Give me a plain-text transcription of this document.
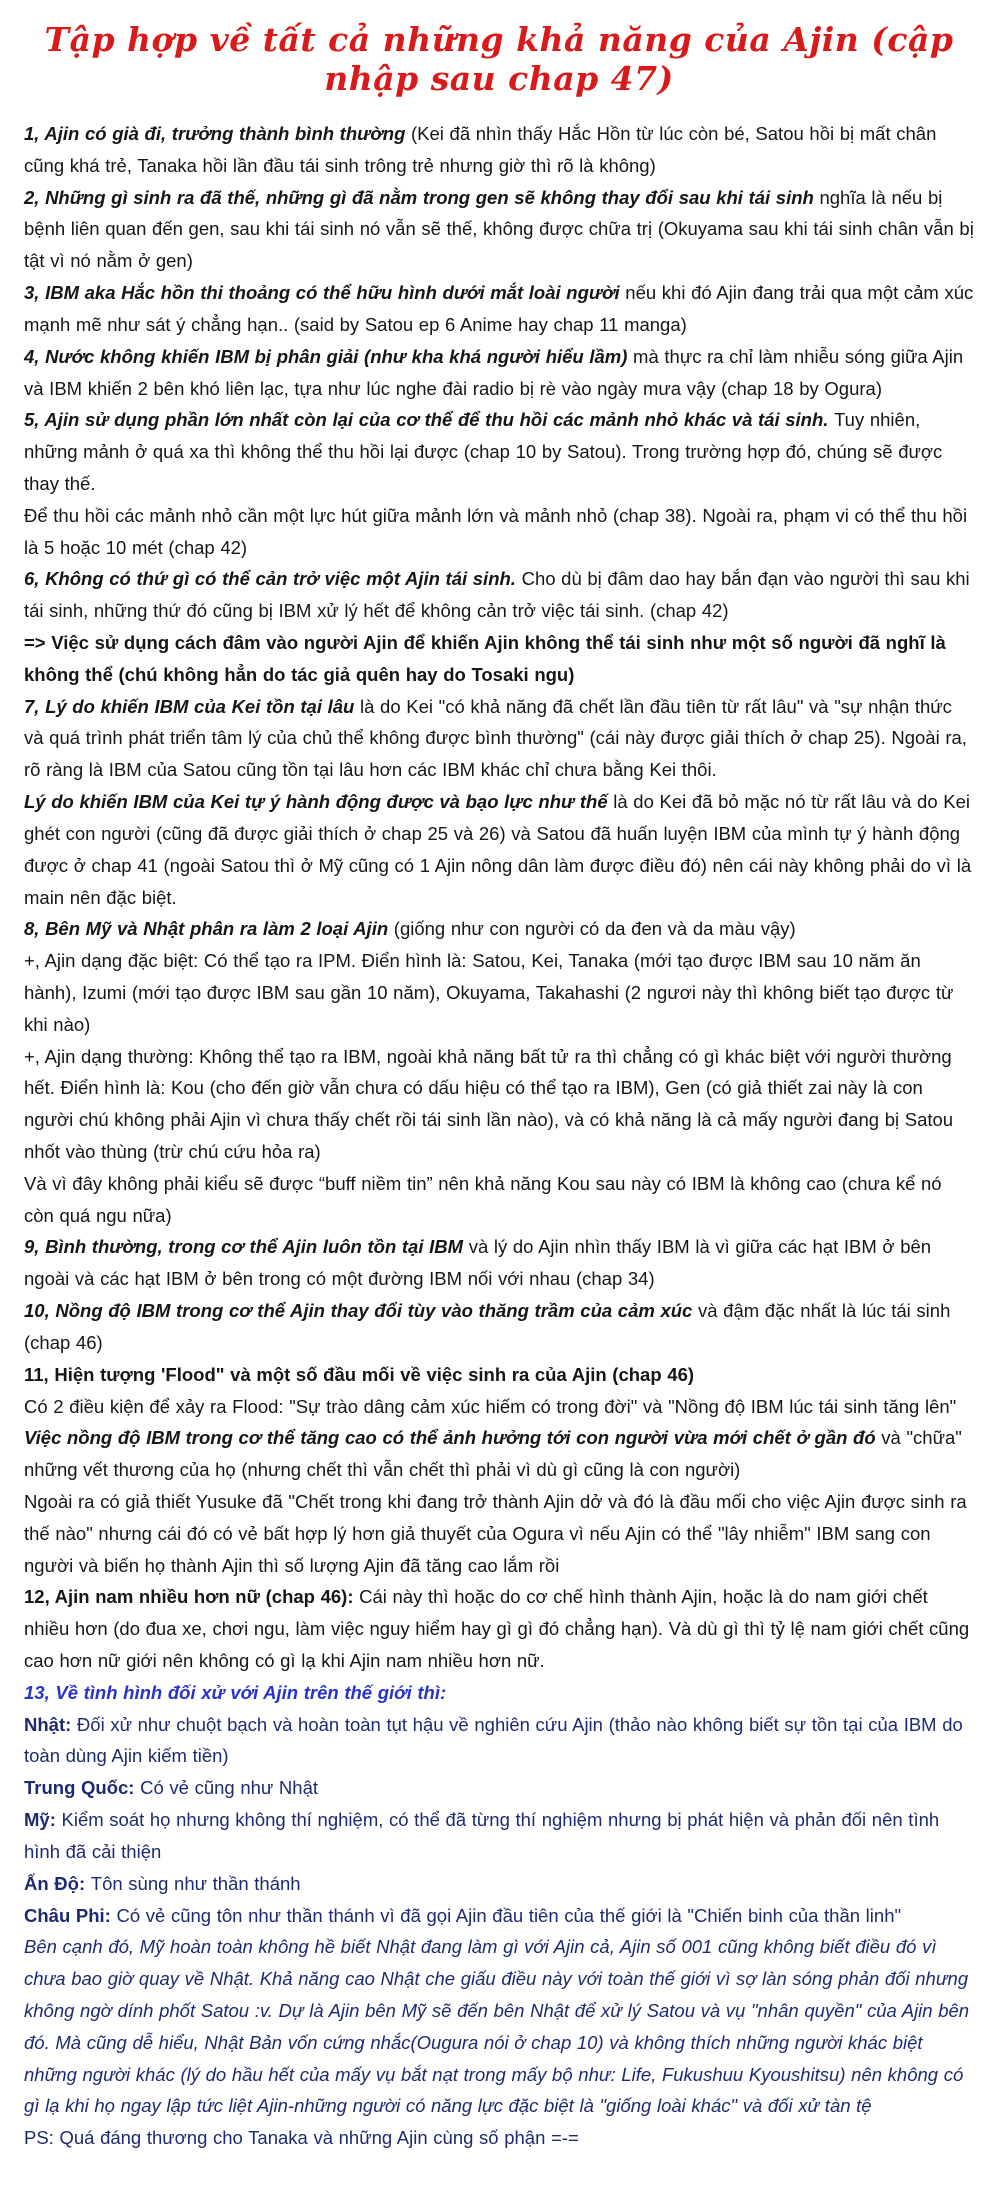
Tập hợp về tất cả những khả năng của Ajin (cập nhập sau chap 47)

1, Ajin có già đi, trưởng thành bình thường (Kei đã nhìn thấy Hắc Hồn từ lúc còn bé, Satou hồi bị mất chân cũng khá trẻ, Tanaka hồi lần đầu tái sinh trông trẻ nhưng giờ thì rõ là không)

2, Những gì sinh ra đã thế, những gì đã nằm trong gen sẽ không thay đổi sau khi tái sinh nghĩa là nếu bị bệnh liên quan đến gen, sau khi tái sinh nó vẫn sẽ thế, không được chữa trị (Okuyama sau khi tái sinh chân vẫn bị tật vì nó nằm ở gen)

3, IBM aka Hắc hồn thi thoảng có thể hữu hình dưới mắt loài người nếu khi đó Ajin đang trải qua một cảm xúc mạnh mẽ như sát ý chẳng hạn.. (said by Satou ep 6 Anime hay chap 11 manga)

4, Nước không khiến IBM bị phân giải (như kha khá người hiểu lầm) mà thực ra chỉ làm nhiễu sóng giữa Ajin và IBM khiến 2 bên khó liên lạc, tựa như lúc nghe đài radio bị rè vào ngày mưa vậy (chap 18 by Ogura)

5, Ajin sử dụng phần lớn nhất còn lại của cơ thể để thu hồi các mảnh nhỏ khác và tái sinh. Tuy nhiên, những mảnh ở quá xa thì không thể thu hồi lại được (chap 10 by Satou). Trong trường hợp đó, chúng sẽ được thay thế.

Để thu hồi các mảnh nhỏ cần một lực hút giữa mảnh lớn và mảnh nhỏ (chap 38). Ngoài ra, phạm vi có thể thu hồi là 5 hoặc 10 mét (chap 42)

6, Không có thứ gì có thể cản trở việc một Ajin tái sinh. Cho dù bị đâm dao hay bắn đạn vào người thì sau khi tái sinh, những thứ đó cũng bị IBM xử lý hết để không cản trở việc tái sinh. (chap 42)

=> Việc sử dụng cách đâm vào người Ajin để khiến Ajin không thể tái sinh như một số người đã nghĩ là không thể (chú không hẳn do tác giả quên hay do Tosaki ngu)

7, Lý do khiến IBM của Kei tồn tại lâu là do Kei "có khả năng đã chết lần đầu tiên từ rất lâu" và "sự nhận thức và quá trình phát triển tâm lý của chủ thể không được bình thường" (cái này được giải thích ở chap 25). Ngoài ra, rõ ràng là IBM của Satou cũng tồn tại lâu hơn các IBM khác chỉ chưa bằng Kei thôi.

Lý do khiến IBM của Kei tự ý hành động được và bạo lực như thế là do Kei đã bỏ mặc nó từ rất lâu và do Kei ghét con người (cũng đã được giải thích ở chap 25 và 26) và Satou đã huấn luyện IBM của mình tự ý hành động được ở chap 41 (ngoài Satou thì ở Mỹ cũng có 1 Ajin nông dân làm được điều đó) nên cái này không phải do vì là main nên đặc biệt.

8, Bên Mỹ và Nhật phân ra làm 2 loại Ajin (giống như con người có da đen và da màu vậy)

+, Ajin dạng đặc biệt: Có thể tạo ra IPM. Điển hình là: Satou, Kei, Tanaka (mới tạo được IBM sau 10 năm ăn hành), Izumi (mới tạo được IBM sau gần 10 năm), Okuyama, Takahashi (2 ngươi này thì không biết tạo được từ khi nào)

+, Ajin dạng thường: Không thể tạo ra IBM, ngoài khả năng bất tử ra thì chẳng có gì khác biệt với người thường hết. Điển hình là: Kou (cho đến giờ vẫn chưa có dấu hiệu có thể tạo ra IBM), Gen (có giả thiết zai này là con người chú không phải Ajin vì chưa thấy chết rồi tái sinh lần nào), và có khả năng là cả mấy người đang bị Satou nhốt vào thùng (trừ chú cứu hỏa ra)

Và vì đây không phải kiểu sẽ được “buff niềm tin” nên khả năng Kou sau này có IBM là không cao (chưa kể nó còn quá ngu nữa)

9, Bình thường, trong cơ thể Ajin luôn tồn tại IBM và lý do Ajin nhìn thấy IBM là vì giữa các hạt IBM ở bên ngoài và các hạt IBM ở bên trong có một đường IBM nối với nhau (chap 34)

10, Nồng độ IBM trong cơ thể Ajin thay đổi tùy vào thăng trầm của cảm xúc và đậm đặc nhất là lúc tái sinh (chap 46)

11, Hiện tượng 'Flood" và một số đầu mối về việc sinh ra của Ajin (chap 46)

Có 2 điều kiện để xảy ra Flood: "Sự trào dâng cảm xúc hiếm có trong đời" và "Nồng độ IBM lúc tái sinh tăng lên"

Việc nồng độ IBM trong cơ thể tăng cao có thể ảnh hưởng tới con người vừa mới chết ở gần đó và "chữa" những vết thương của họ (nhưng chết thì vẫn chết thì phải vì dù gì cũng là con người)

Ngoài ra có giả thiết Yusuke đã "Chết trong khi đang trở thành Ajin dở và đó là đầu mối cho việc Ajin được sinh ra thế nào" nhưng cái đó có vẻ bất hợp lý hơn giả thuyết của Ogura vì nếu Ajin có thể "lây nhiễm" IBM sang con người và biến họ thành Ajin thì số lượng Ajin đã tăng cao lắm rồi

12, Ajin nam nhiều hơn nữ (chap 46): Cái này thì hoặc do cơ chế hình thành Ajin, hoặc là do nam giới chết nhiều hơn (do đua xe, chơi ngu, làm việc nguy hiểm hay gì gì đó chẳng hạn). Và dù gì thì tỷ lệ nam giới chết cũng cao hơn nữ giới nên không có gì lạ khi Ajin nam nhiều hơn nữ.

13, Về tình hình đối xử với Ajin trên thế giới thì:

Nhật: Đối xử như chuột bạch và hoàn toàn tụt hậu về nghiên cứu Ajin (thảo nào không biết sự tồn tại của IBM do toàn dùng Ajin kiếm tiền)

Trung Quốc: Có vẻ cũng như Nhật

Mỹ: Kiểm soát họ nhưng không thí nghiệm, có thể đã từng thí nghiệm nhưng bị phát hiện và phản đối nên tình hình đã cải thiện

Ấn Độ: Tôn sùng như thần thánh

Châu Phi: Có vẻ cũng tôn như thần thánh vì đã gọi Ajin đầu tiên của thế giới là "Chiến binh của thần linh"

Bên cạnh đó, Mỹ hoàn toàn không hề biết Nhật đang làm gì với Ajin cả, Ajin số 001 cũng không biết điều đó vì chưa bao giờ quay về Nhật. Khả năng cao Nhật che giấu điều này với toàn thế giới vì sợ làn sóng phản đối nhưng không ngờ dính phốt Satou :v. Dự là Ajin bên Mỹ sẽ đến bên Nhật để xử lý Satou và vụ "nhân quyền" của Ajin bên đó. Mà cũng dễ hiểu, Nhật Bản vốn cứng nhắc(Ougura nói ở chap 10) và không thích những người khác biệt những người khác (lý do hầu hết của mấy vụ bắt nạt trong mấy bộ như: Life, Fukushuu Kyoushitsu) nên không có gì lạ khi họ ngay lập tức liệt Ajin-những người có năng lực đặc biệt là "giống loài khác" và đối xử tàn tệ

PS: Quá đáng thương cho Tanaka và những Ajin cùng số phận =-=
